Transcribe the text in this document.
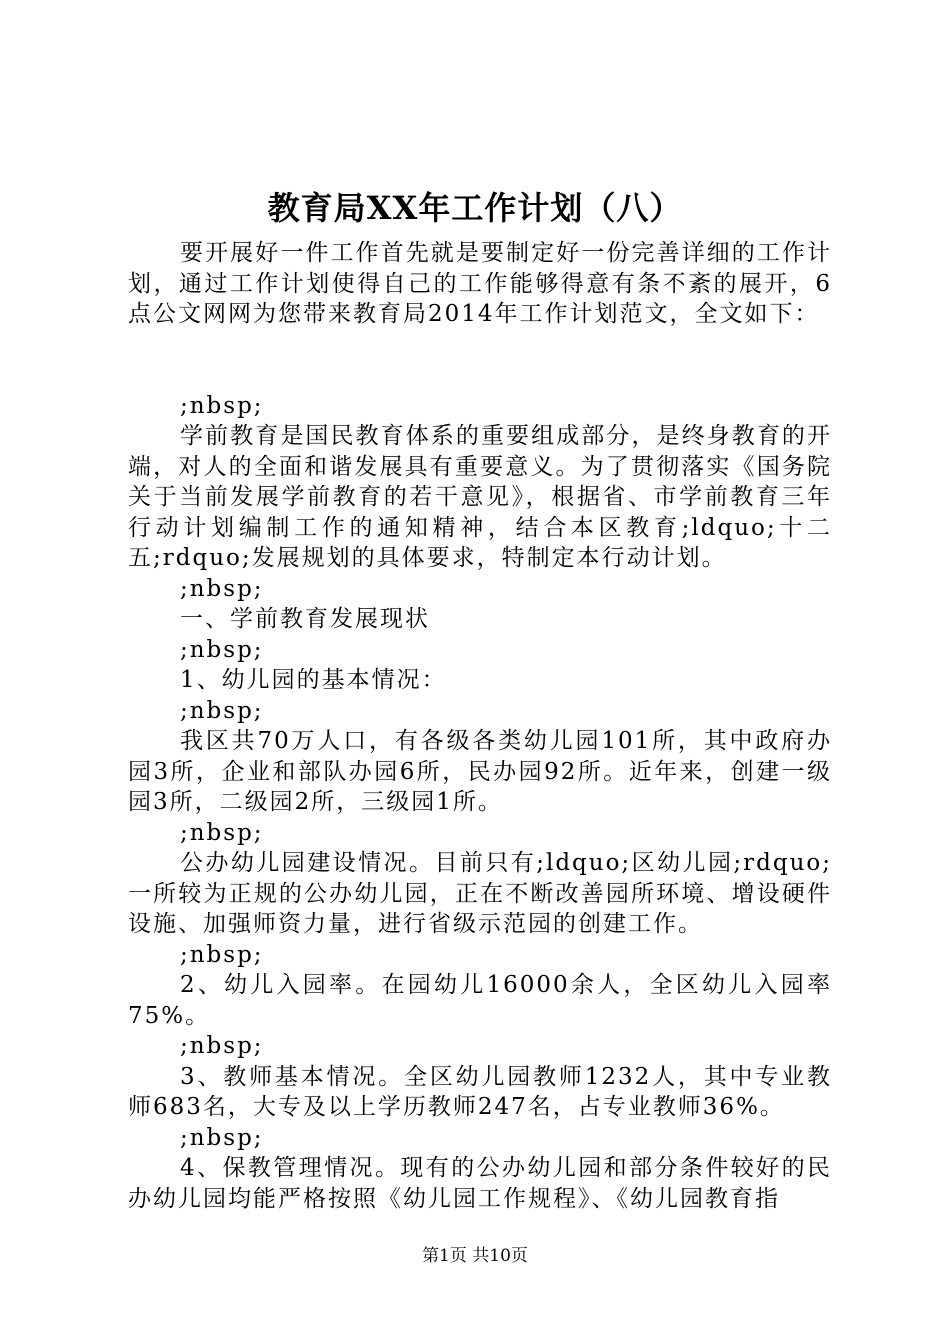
教育局XX年工作计划（八）

要开展好一件工作首先就是要制定好一份完善详细的工作计划，通过工作计划使得自己的工作能够得意有条不紊的展开，6点公文网网为您带来教育局2014年工作计划范文，全文如下：

;nbsp;

学前教育是国民教育体系的重要组成部分，是终身教育的开端，对人的全面和谐发展具有重要意义。为了贯彻落实《国务院关于当前发展学前教育的若干意见》，根据省、市学前教育三年行动计划编制工作的通知精神，结合本区教育;ldquo;十二五;rdquo;发展规划的具体要求，特制定本行动计划。

;nbsp;

一、学前教育发展现状

;nbsp;

1、幼儿园的基本情况：

;nbsp;

我区共70万人口，有各级各类幼儿园101所，其中政府办园3所，企业和部队办园6所，民办园92所。近年来，创建一级园3所，二级园2所，三级园1所。

;nbsp;

公办幼儿园建设情况。目前只有;ldquo;区幼儿园;rdquo;一所较为正规的公办幼儿园，正在不断改善园所环境、增设硬件设施、加强师资力量，进行省级示范园的创建工作。

;nbsp;

2、幼儿入园率。在园幼儿16000余人，全区幼儿入园率75%。

;nbsp;

3、教师基本情况。全区幼儿园教师1232人，其中专业教师683名，大专及以上学历教师247名，占专业教师36%。

;nbsp;

4、保教管理情况。现有的公办幼儿园和部分条件较好的民办幼儿园均能严格按照《幼儿园工作规程》、《幼儿园教育指

第1页 共10页
